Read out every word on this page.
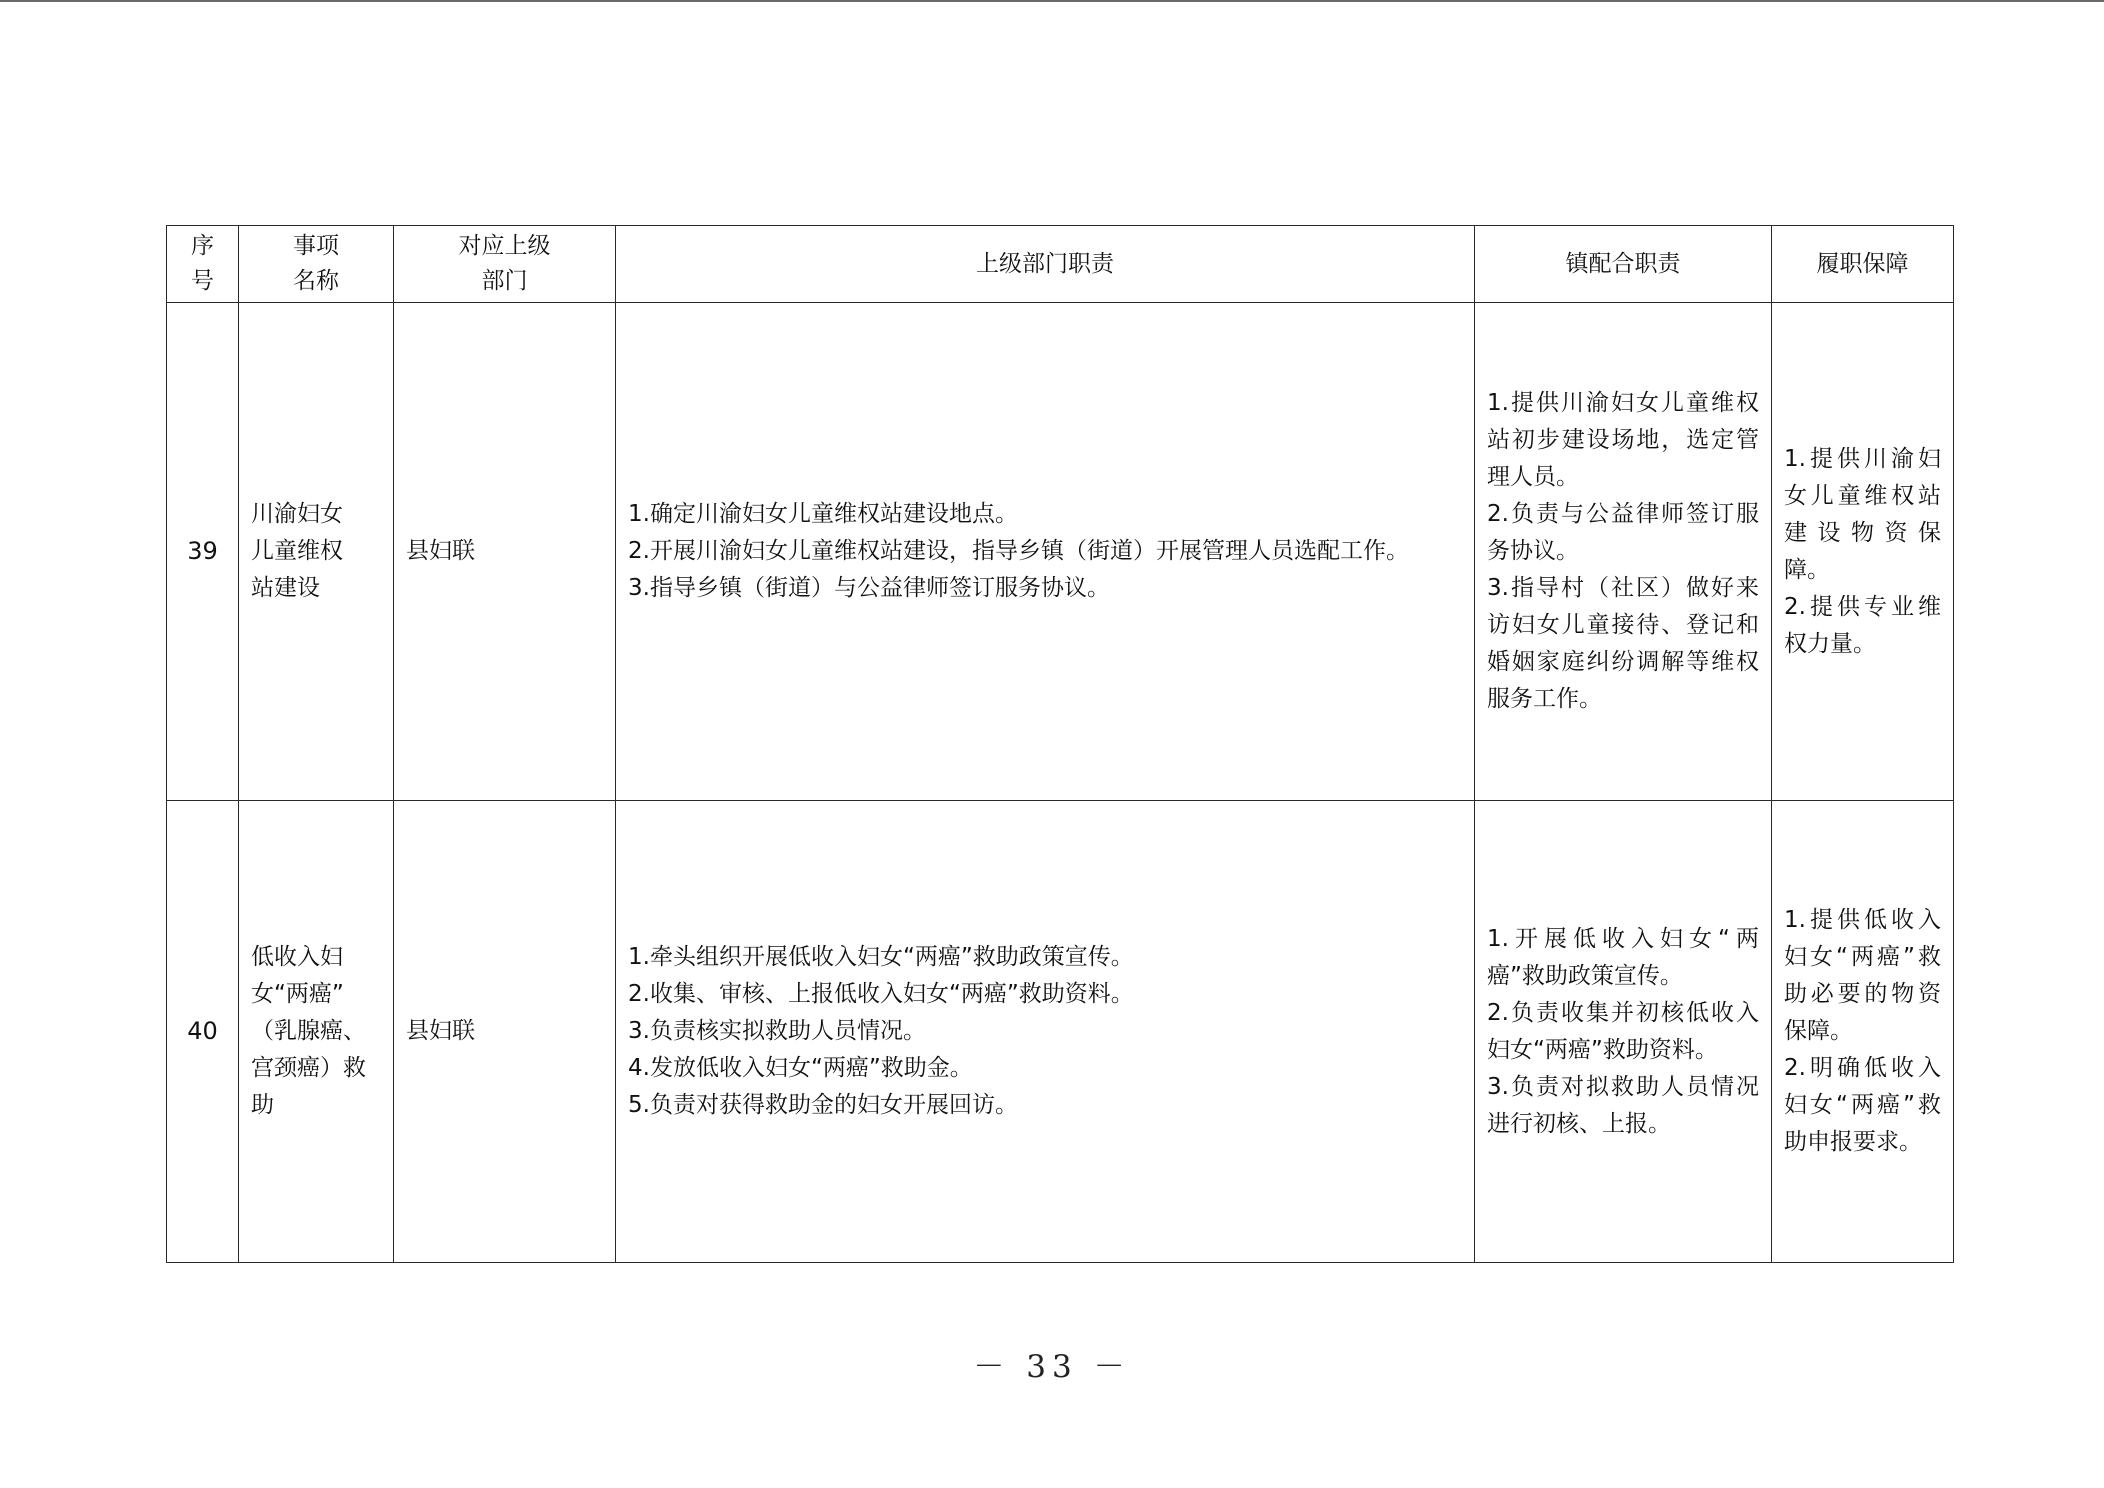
序
号	事项
名称	对应上级
部门	上级部门职责	镇配合职责	履职保障
39	川渝妇女
儿童维权
站建设	县妇联	1.确定川渝妇女儿童维权站建设地点。
2.开展川渝妇女儿童维权站建设，指导乡镇（街道）开展管理人员选配工作。
3.指导乡镇（街道）与公益律师签订服务协议。	1.提供川渝妇女儿童维权站初步建设场地，选定管理人员。
2.负责与公益律师签订服务协议。
3.指导村（社区）做好来访妇女儿童接待、登记和婚姻家庭纠纷调解等维权服务工作。	1.提供川渝妇女儿童维权站建设物资保障。
2.提供专业维权力量。

40	低收入妇
女“两癌”
（乳腺癌、
宫颈癌）救
助	县妇联	1.牵头组织开展低收入妇女“两癌”救助政策宣传。
2.收集、审核、上报低收入妇女“两癌”救助资料。
3.负责核实拟救助人员情况。
4.发放低收入妇女“两癌”救助金。
5.负责对获得救助金的妇女开展回访。	1.开展低收入妇女“两癌”救助政策宣传。
2.负责收集并初核低收入妇女“两癌”救助资料。
3.负责对拟救助人员情况进行初核、上报。	1.提供低收入妇女“两癌”救助必要的物资保障。
2.明确低收入妇女“两癌”救助申报要求。
－ 33 －
